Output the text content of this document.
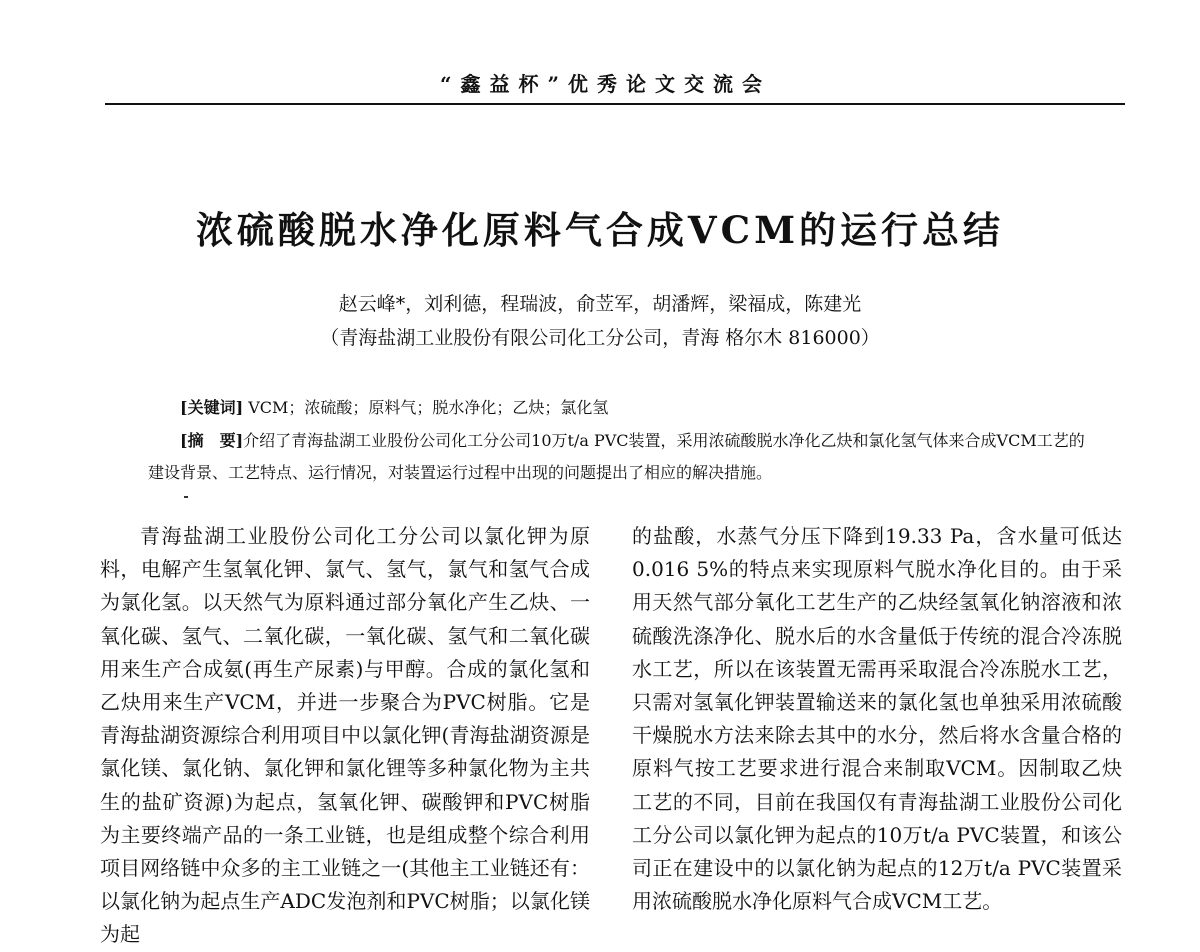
“鑫益杯”优秀论文交流会
浓硫酸脱水净化原料气合成VCM的运行总结
赵云峰*，刘利德，程瑞波，俞苙军，胡潘辉，梁福成，陈建光
（青海盐湖工业股份有限公司化工分公司，青海 格尔木 816000）
[关键词] VCM；浓硫酸；原料气；脱水净化；乙炔；氯化氢
[摘　要]介绍了青海盐湖工业股份公司化工分公司10万t/a PVC装置，采用浓硫酸脱水净化乙炔和氯化氢气体来合成VCM工艺的建设背景、工艺特点、运行情况，对装置运行过程中出现的问题提出了相应的解决措施。
青海盐湖工业股份公司化工分公司以氯化钾为原料，电解产生氢氧化钾、氯气、氢气，氯气和氢气合成为氯化氢。以天然气为原料通过部分氧化产生乙炔、一氧化碳、氢气、二氧化碳，一氧化碳、氢气和二氧化碳用来生产合成氨(再生产尿素)与甲醇。合成的氯化氢和乙炔用来生产VCM，并进一步聚合为PVC树脂。它是青海盐湖资源综合利用项目中以氯化钾(青海盐湖资源是氯化镁、氯化钠、氯化钾和氯化锂等多种氯化物为主共生的盐矿资源)为起点，氢氧化钾、碳酸钾和PVC树脂为主要终端产品的一条工业链，也是组成整个综合利用项目网络链中众多的主工业链之一(其他主工业链还有：以氯化钠为起点生产ADC发泡剂和PVC树脂；以氯化镁为起
的盐酸，水蒸气分压下降到19.33 Pa，含水量可低达0.016 5%的特点来实现原料气脱水净化目的。由于采用天然气部分氧化工艺生产的乙炔经氢氧化钠溶液和浓硫酸洗涤净化、脱水后的水含量低于传统的混合冷冻脱水工艺，所以在该装置无需再采取混合冷冻脱水工艺，只需对氢氧化钾装置输送来的氯化氢也单独采用浓硫酸干燥脱水方法来除去其中的水分，然后将水含量合格的原料气按工艺要求进行混合来制取VCM。因制取乙炔工艺的不同，目前在我国仅有青海盐湖工业股份公司化工分公司以氯化钾为起点的10万t/a PVC装置，和该公司正在建设中的以氯化钠为起点的12万t/a PVC装置采用浓硫酸脱水净化原料气合成VCM工艺。
